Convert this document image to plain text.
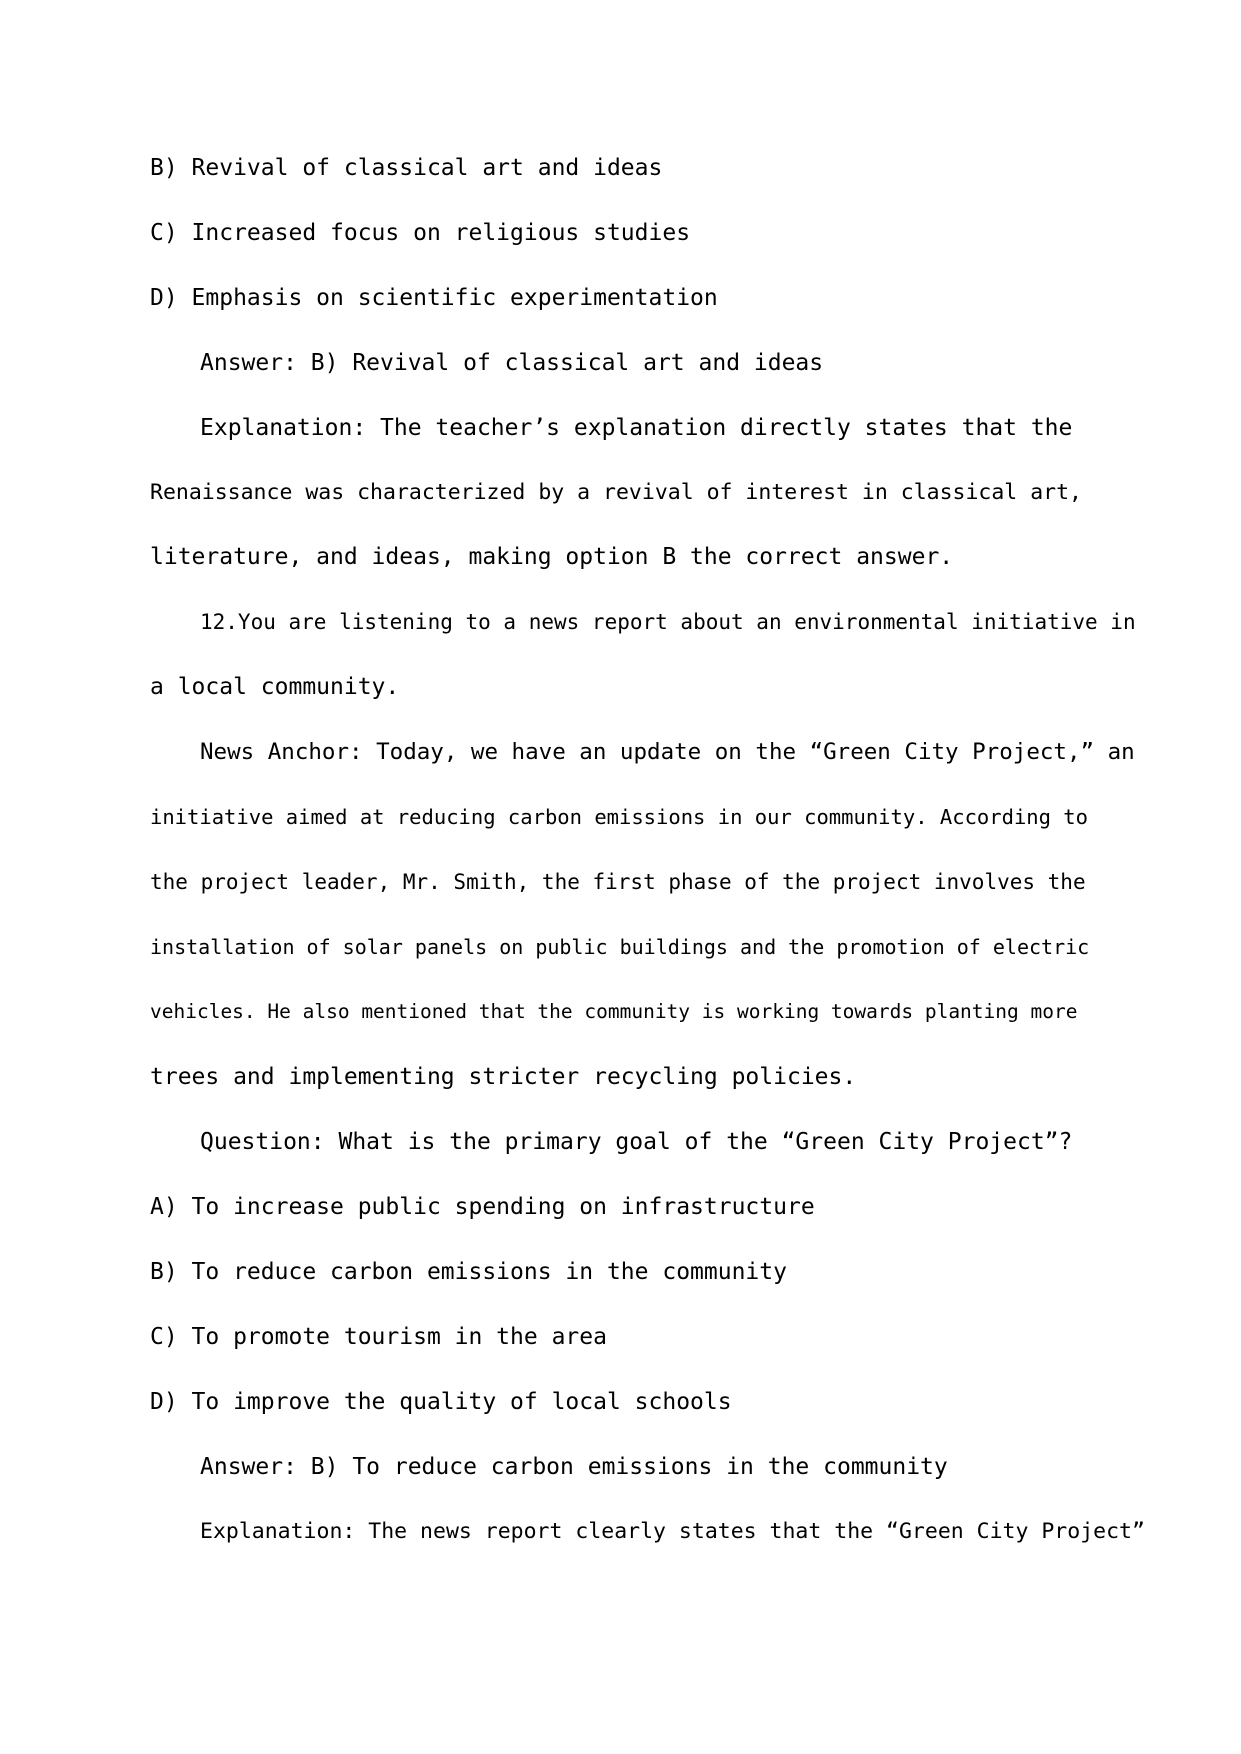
B) Revival of classical art and ideas
C) Increased focus on religious studies
D) Emphasis on scientific experimentation
Answer: B) Revival of classical art and ideas
Explanation: The teacher’s explanation directly states that the
Renaissance was characterized by a revival of interest in classical art,
literature, and ideas, making option B the correct answer.
12.You are listening to a news report about an environmental initiative in
a local community.
News Anchor: Today, we have an update on the “Green City Project,” an
initiative aimed at reducing carbon emissions in our community. According to
the project leader, Mr. Smith, the first phase of the project involves the
installation of solar panels on public buildings and the promotion of electric
vehicles. He also mentioned that the community is working towards planting more
trees and implementing stricter recycling policies.
Question: What is the primary goal of the “Green City Project”?
A) To increase public spending on infrastructure
B) To reduce carbon emissions in the community
C) To promote tourism in the area
D) To improve the quality of local schools
Answer: B) To reduce carbon emissions in the community
Explanation: The news report clearly states that the “Green City Project”
